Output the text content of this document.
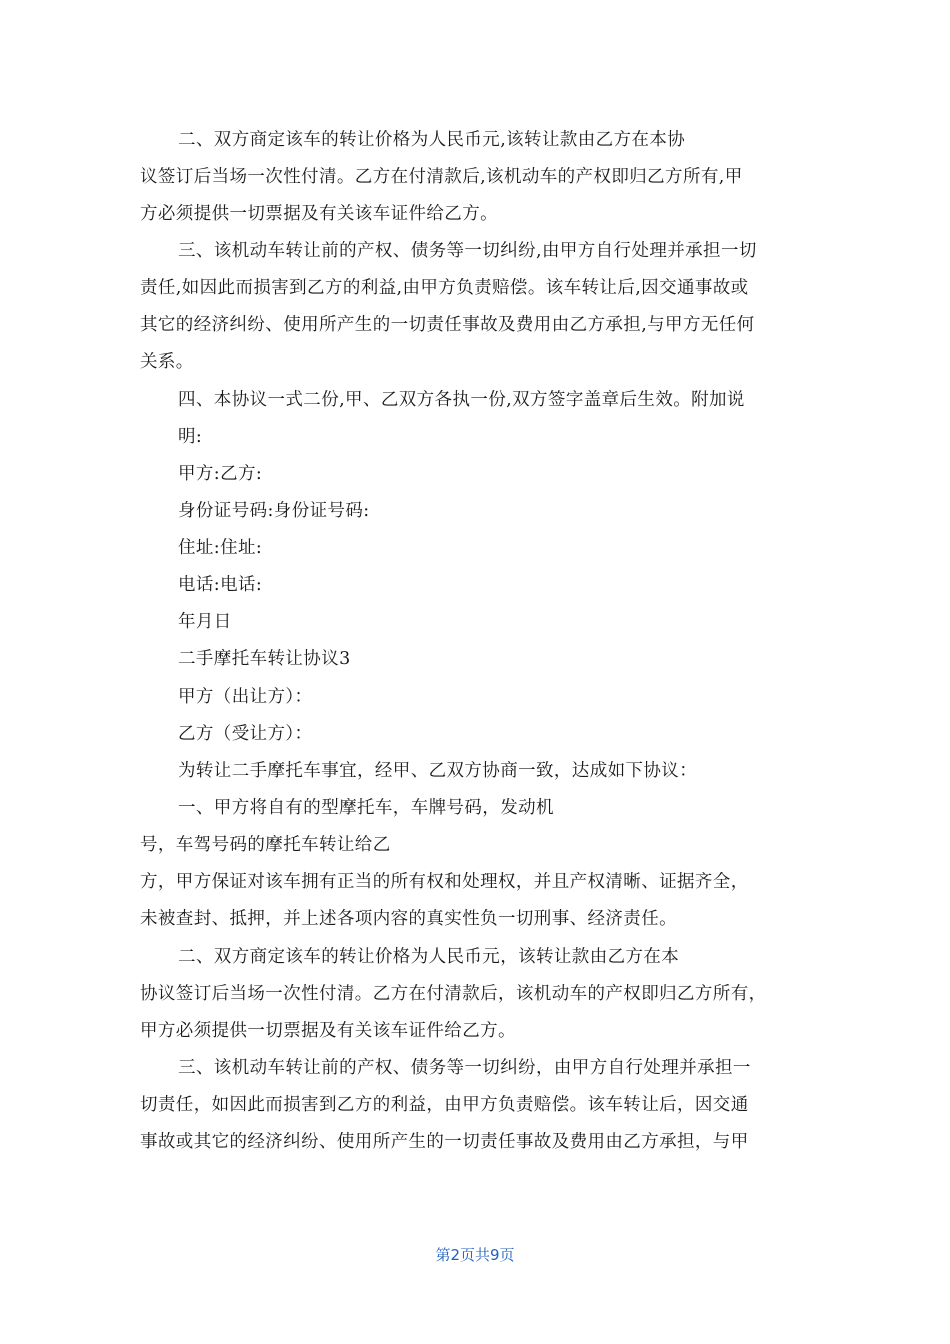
二、双方商定该车的转让价格为人民币元,该转让款由乙方在本协
议签订后当场一次性付清。乙方在付清款后,该机动车的产权即归乙方所有,甲
方必须提供一切票据及有关该车证件给乙方。
三、该机动车转让前的产权、债务等一切纠纷,由甲方自行处理并承担一切
责任,如因此而损害到乙方的利益,由甲方负责赔偿。该车转让后,因交通事故或
其它的经济纠纷、使用所产生的一切责任事故及费用由乙方承担,与甲方无任何
关系。
四、本协议一式二份,甲、乙双方各执一份,双方签字盖章后生效。附加说
明:
甲方:乙方:
身份证号码:身份证号码:
住址:住址:
电话:电话:
年月日
二手摩托车转让协议3
甲方（出让方）：
乙方（受让方）：
为转让二手摩托车事宜，经甲、乙双方协商一致，达成如下协议：
一、甲方将自有的型摩托车，车牌号码，发动机
号，车驾号码的摩托车转让给乙
方，甲方保证对该车拥有正当的所有权和处理权，并且产权清晰、证据齐全，
未被查封、抵押，并上述各项内容的真实性负一切刑事、经济责任。
二、双方商定该车的转让价格为人民币元，该转让款由乙方在本
协议签订后当场一次性付清。乙方在付清款后，该机动车的产权即归乙方所有，
甲方必须提供一切票据及有关该车证件给乙方。
三、该机动车转让前的产权、债务等一切纠纷，由甲方自行处理并承担一
切责任，如因此而损害到乙方的利益，由甲方负责赔偿。该车转让后，因交通
事故或其它的经济纠纷、使用所产生的一切责任事故及费用由乙方承担，与甲
第2页共9页
